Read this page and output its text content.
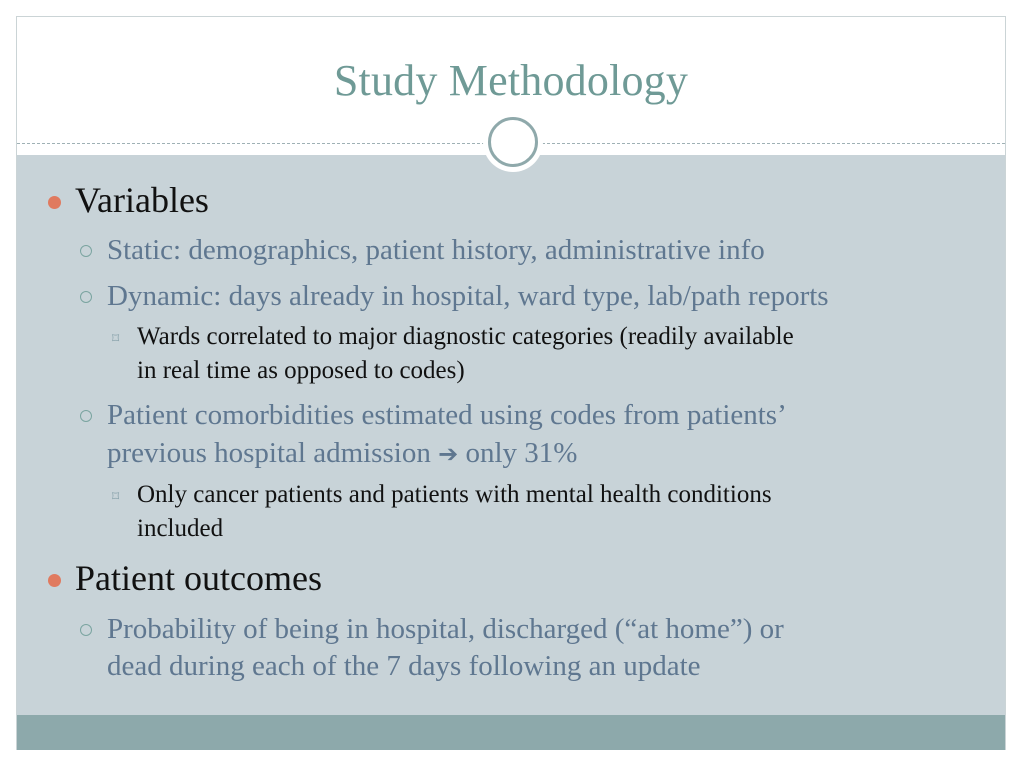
Study Methodology
Variables
Static: demographics, patient history, administrative info
Dynamic: days already in hospital, ward type, lab/path reports
⌑ Wards correlated to major diagnostic categories (readily available
in real time as opposed to codes)
Patient comorbidities estimated using codes from patients’
previous hospital admission ➔ only 31%
⌑ Only cancer patients and patients with mental health conditions
included
Patient outcomes
Probability of being in hospital, discharged (“at home”) or
dead during each of the 7 days following an update
